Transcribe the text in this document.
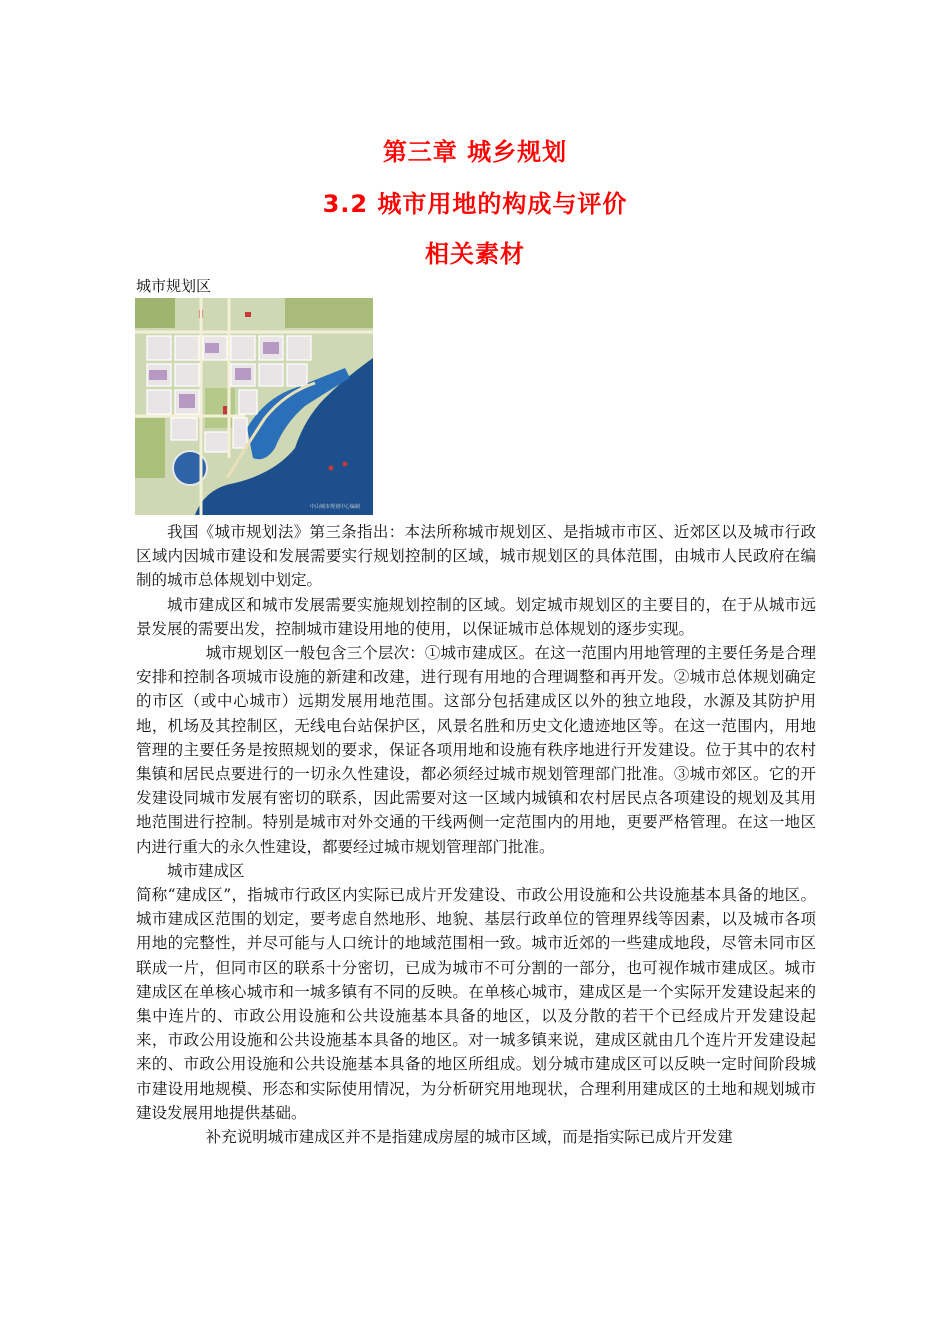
第三章 城乡规划
3.2 城市用地的构成与评价
相关素材
城市规划区
中山城市规划中心编制

我国《城市规划法》第三条指出：本法所称城市规划区、是指城市市区、近郊区以及城市行政区域内因城市建设和发展需要实行规划控制的区域，城市规划区的具体范围，由城市人民政府在编制的城市总体规划中划定。

城市建成区和城市发展需要实施规划控制的区域。划定城市规划区的主要目的，在于从城市远景发展的需要出发，控制城市建设用地的使用，以保证城市总体规划的逐步实现。

城市规划区一般包含三个层次：①城市建成区。在这一范围内用地管理的主要任务是合理安排和控制各项城市设施的新建和改建，进行现有用地的合理调整和再开发。②城市总体规划确定的市区（或中心城市）远期发展用地范围。这部分包括建成区以外的独立地段，水源及其防护用地，机场及其控制区，无线电台站保护区，风景名胜和历史文化遗迹地区等。在这一范围内，用地管理的主要任务是按照规划的要求，保证各项用地和设施有秩序地进行开发建设。位于其中的农村集镇和居民点要进行的一切永久性建设，都必须经过城市规划管理部门批准。③城市郊区。它的开发建设同城市发展有密切的联系，因此需要对这一区域内城镇和农村居民点各项建设的规划及其用地范围进行控制。特别是城市对外交通的干线两侧一定范围内的用地，更要严格管理。在这一地区内进行重大的永久性建设，都要经过城市规划管理部门批准。

城市建成区

简称“建成区”，指城市行政区内实际已成片开发建设、市政公用设施和公共设施基本具备的地区。城市建成区范围的划定，要考虑自然地形、地貌、基层行政单位的管理界线等因素，以及城市各项用地的完整性，并尽可能与人口统计的地域范围相一致。城市近郊的一些建成地段，尽管未同市区联成一片，但同市区的联系十分密切，已成为城市不可分割的一部分，也可视作城市建成区。城市建成区在单核心城市和一城多镇有不同的反映。在单核心城市，建成区是一个实际开发建设起来的集中连片的、市政公用设施和公共设施基本具备的地区，以及分散的若干个已经成片开发建设起来，市政公用设施和公共设施基本具备的地区。对一城多镇来说，建成区就由几个连片开发建设起来的、市政公用设施和公共设施基本具备的地区所组成。划分城市建成区可以反映一定时间阶段城市建设用地规模、形态和实际使用情况，为分析研究用地现状，合理利用建成区的土地和规划城市建设发展用地提供基础。

补充说明城市建成区并不是指建成房屋的城市区域，而是指实际已成片开发建
